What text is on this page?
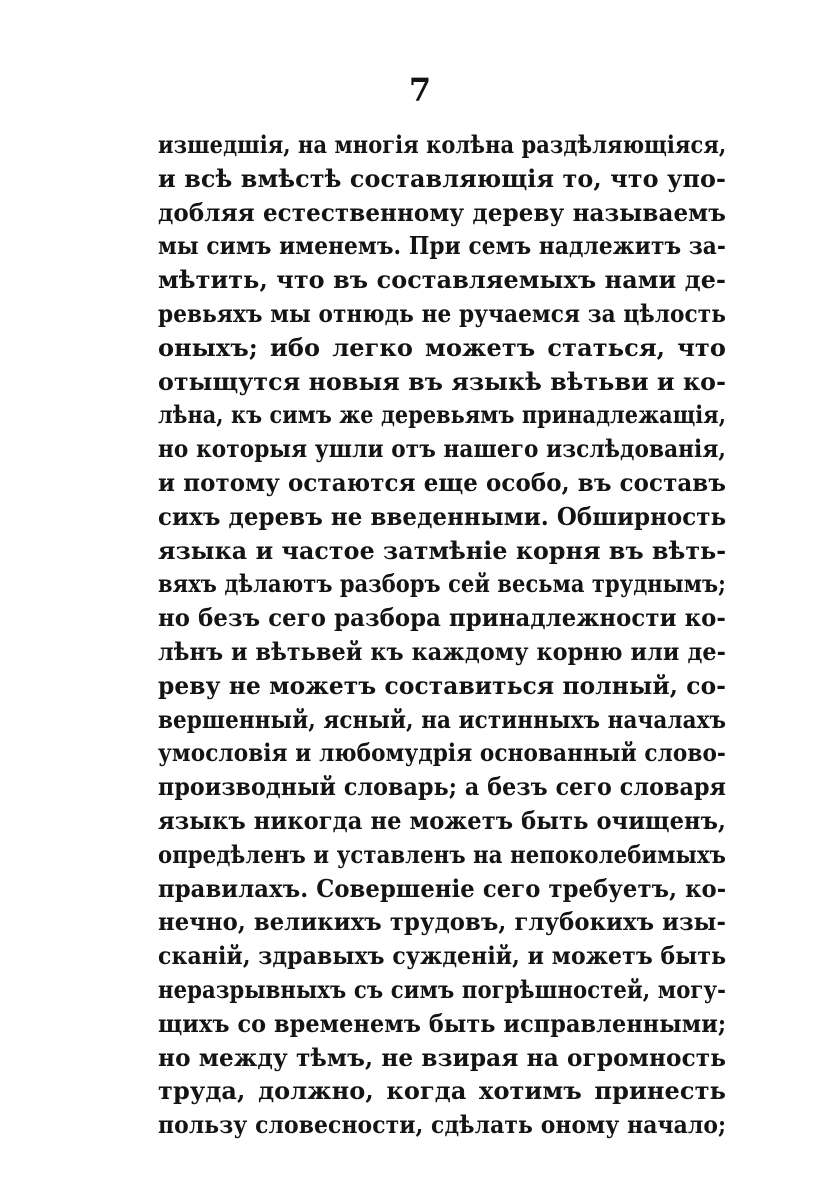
7
изшедшія, на многія колѣна раздѣляющіяся,
и всѣ вмѣстѣ составляющія то, что упо-
добляя естественному дереву называемъ
мы симъ именемъ. При семъ надлежитъ за-
мѣтить, что въ составляемыхъ нами де-
ревьяхъ мы отнюдь не ручаемся за цѣлость
оныхъ; ибо легко можетъ статься, что
отыщутся новыя въ языкѣ вѣтьви и ко-
лѣна, къ симъ же деревьямъ принадлежащія,
но которыя ушли отъ нашего изслѣдованія,
и потому остаются еще особо, въ составъ
сихъ деревъ не введенными. Обширность
языка и частое затмѣніе корня въ вѣть-
вяхъ дѣлаютъ разборъ сей весьма труднымъ;
но безъ сего разбора принадлежности ко-
лѣнъ и вѣтьвей къ каждому корню или де-
реву не можетъ составиться полный, со-
вершенный, ясный, на истинныхъ началахъ
умословія и любомудрія основанный слово-
производный словарь; а безъ сего словаря
языкъ никогда не можетъ быть очищенъ,
опредѣленъ и уставленъ на непоколебимыхъ
правилахъ. Совершеніе сего требуетъ, ко-
нечно, великихъ трудовъ, глубокихъ изы-
сканій, здравыхъ сужденій, и можетъ быть
неразрывныхъ съ симъ погрѣшностей, могу-
щихъ со временемъ быть исправленными;
но между тѣмъ, не взирая на огромность
труда, должно, когда хотимъ принесть
пользу словесности, сдѣлать оному начало;
